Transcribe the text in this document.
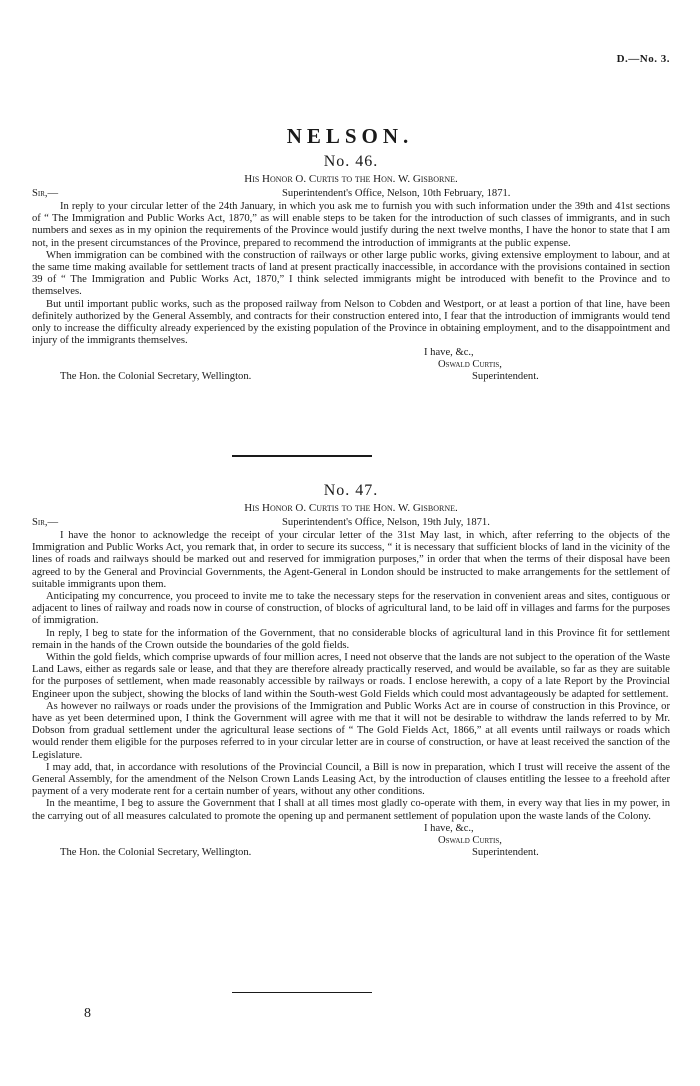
D.—No. 3.
NELSON.
No. 46.
His Honor O. Curtis to the Hon. W. Gisborne.
Sir,—	Superintendent's Office, Nelson, 10th February, 1871.

In reply to your circular letter of the 24th January, in which you ask me to furnish you with such information under the 39th and 41st sections of “ The Immigration and Public Works Act, 1870,” as will enable steps to be taken for the introduction of such classes of immigrants, and in such numbers and sexes as in my opinion the requirements of the Province would justify during the next twelve months, I have the honor to state that I am not, in the present circumstances of the Province, prepared to recommend the introduction of immigrants at the public expense.

When immigration can be combined with the construction of railways or other large public works, giving extensive employment to labour, and at the same time making available for settlement tracts of land at present practically inaccessible, in accordance with the provisions contained in section 39 of “ The Immigration and Public Works Act, 1870,” I think selected immigrants might be introduced with benefit to the Province and to themselves.

But until important public works, such as the proposed railway from Nelson to Cobden and Westport, or at least a portion of that line, have been definitely authorized by the General Assembly, and contracts for their construction entered into, I fear that the introduction of immigrants would tend only to increase the difficulty already experienced by the existing population of the Province in obtaining employment, and to the disappointment and injury of the immigrants themselves.

I have, &c.,
Oswald Curtis,
The Hon. the Colonial Secretary, Wellington.	Superintendent.
No. 47.
His Honor O. Curtis to the Hon. W. Gisborne.
Sir,—	Superintendent's Office, Nelson, 19th July, 1871.

I have the honor to acknowledge the receipt of your circular letter of the 31st May last, in which, after referring to the objects of the Immigration and Public Works Act, you remark that, in order to secure its success, “ it is necessary that sufficient blocks of land in the vicinity of the lines of roads and railways should be marked out and reserved for immigration purposes,” in order that when the terms of their disposal have been agreed to by the General and Provincial Governments, the Agent-General in London should be instructed to make arrangements for the settlement of suitable immigrants upon them.

Anticipating my concurrence, you proceed to invite me to take the necessary steps for the reservation in convenient areas and sites, contiguous or adjacent to lines of railway and roads now in course of construction, of blocks of agricultural land, to be laid off in villages and farms for the purposes of immigration.

In reply, I beg to state for the information of the Government, that no considerable blocks of agricultural land in this Province fit for settlement remain in the hands of the Crown outside the boundaries of the gold fields.

Within the gold fields, which comprise upwards of four million acres, I need not observe that the lands are not subject to the operation of the Waste Land Laws, either as regards sale or lease, and that they are therefore already practically reserved, and would be available, so far as they are suitable for the purposes of settlement, when made reasonably accessible by railways or roads. I enclose herewith, a copy of a late Report by the Provincial Engineer upon the subject, showing the blocks of land within the South-west Gold Fields which could most advantageously be adapted for settlement.

As however no railways or roads under the provisions of the Immigration and Public Works Act are in course of construction in this Province, or have as yet been determined upon, I think the Government will agree with me that it will not be desirable to withdraw the lands referred to by Mr. Dobson from gradual settlement under the agricultural lease sections of “ The Gold Fields Act, 1866,” at all events until railways or roads which would render them eligible for the purposes referred to in your circular letter are in course of construction, or have at least received the sanction of the Legislature.

I may add, that, in accordance with resolutions of the Provincial Council, a Bill is now in preparation, which I trust will receive the assent of the General Assembly, for the amendment of the Nelson Crown Lands Leasing Act, by the introduction of clauses entitling the lessee to a freehold after payment of a very moderate rent for a certain number of years, without any other conditions.

In the meantime, I beg to assure the Government that I shall at all times most gladly co-operate with them, in every way that lies in my power, in the carrying out of all measures calculated to promote the opening up and permanent settlement of population upon the waste lands of the Colony.

I have, &c.,
Oswald Curtis,
The Hon. the Colonial Secretary, Wellington.	Superintendent.
8
